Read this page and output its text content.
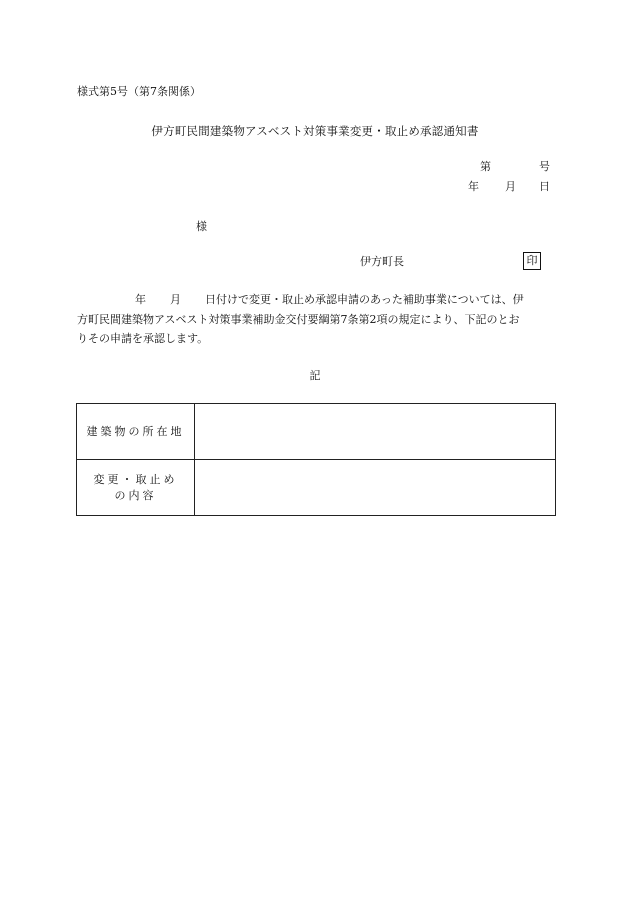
様式第5号（第7条関係）
伊方町民間建築物アスベスト対策事業変更・取止め承認通知書
第	号
年 月 日
様
伊方町長	印
年 月 日付けで変更・取止め承認申請のあった補助事業については、伊
方町民間建築物アスベスト対策事業補助金交付要綱第7条第2項の規定により、下記のとお
りその申請を承認します。
記
建築物の所在地	
変更・取止め
の内容	
